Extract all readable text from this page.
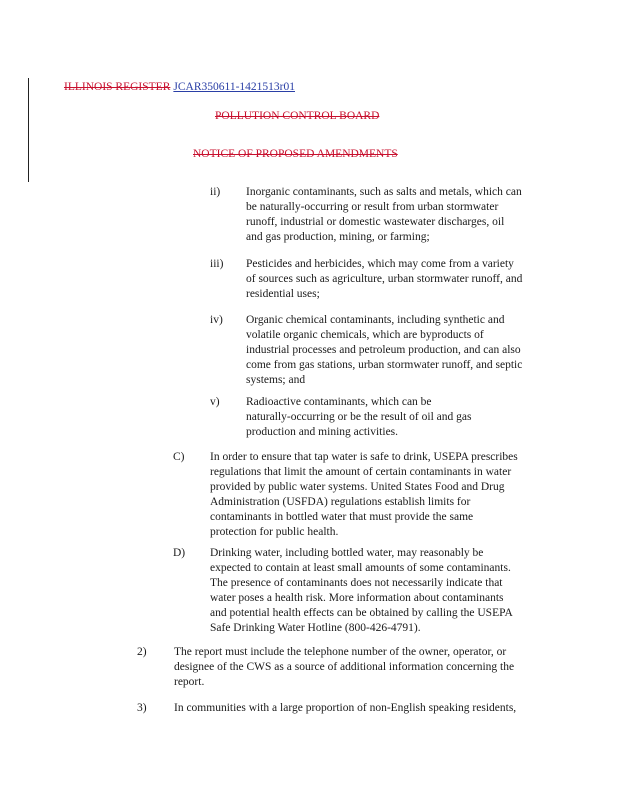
ILLINOIS REGISTER JCAR350611-1421513r01
POLLUTION CONTROL BOARD
NOTICE OF PROPOSED AMENDMENTS
ii) Inorganic contaminants, such as salts and metals, which can
be naturally-occurring or result from urban stormwater
runoff, industrial or domestic wastewater discharges, oil
and gas production, mining, or farming;
iii) Pesticides and herbicides, which may come from a variety
of sources such as agriculture, urban stormwater runoff, and
residential uses;
iv) Organic chemical contaminants, including synthetic and
volatile organic chemicals, which are byproducts of
industrial processes and petroleum production, and can also
come from gas stations, urban stormwater runoff, and septic
systems; and
v) Radioactive contaminants, which can be
naturally-occurring or be the result of oil and gas
production and mining activities.
C) In order to ensure that tap water is safe to drink, USEPA prescribes
regulations that limit the amount of certain contaminants in water
provided by public water systems. United States Food and Drug
Administration (USFDA) regulations establish limits for
contaminants in bottled water that must provide the same
protection for public health.
D) Drinking water, including bottled water, may reasonably be
expected to contain at least small amounts of some contaminants.
The presence of contaminants does not necessarily indicate that
water poses a health risk. More information about contaminants
and potential health effects can be obtained by calling the USEPA
Safe Drinking Water Hotline (800-426-4791).
2) The report must include the telephone number of the owner, operator, or
designee of the CWS as a source of additional information concerning the
report.
3) In communities with a large proportion of non-English speaking residents,
